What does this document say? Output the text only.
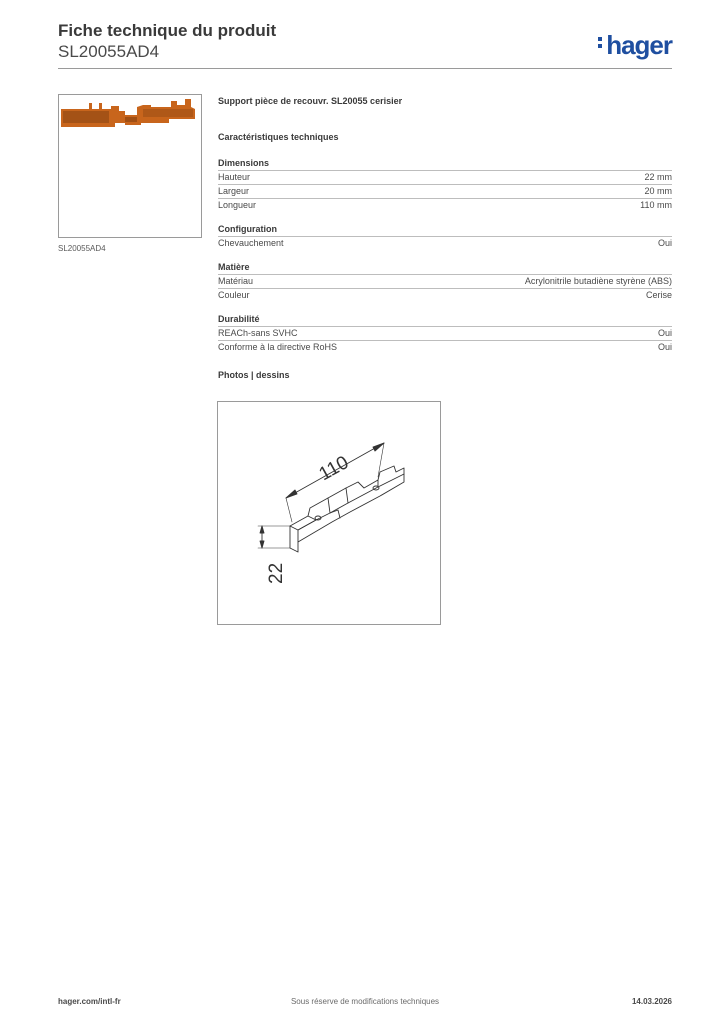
Fiche technique du produit
SL20055AD4	hager
SL20055AD4
Support pièce de recouvr. SL20055 cerisier
Caractéristiques techniques
Dimensions
Hauteur	22 mm
Largeur	20 mm
Longueur	110 mm
Configuration
Chevauchement	Oui
Matière
Matériau	Acrylonitrile butadiène styrène (ABS)
Couleur	Cerise
Durabilité
REACh-sans SVHC	Oui
Conforme à la directive RoHS	Oui
Photos | dessins
110
22
hager.com/intl-fr	Sous réserve de modifications techniques	14.03.2026
